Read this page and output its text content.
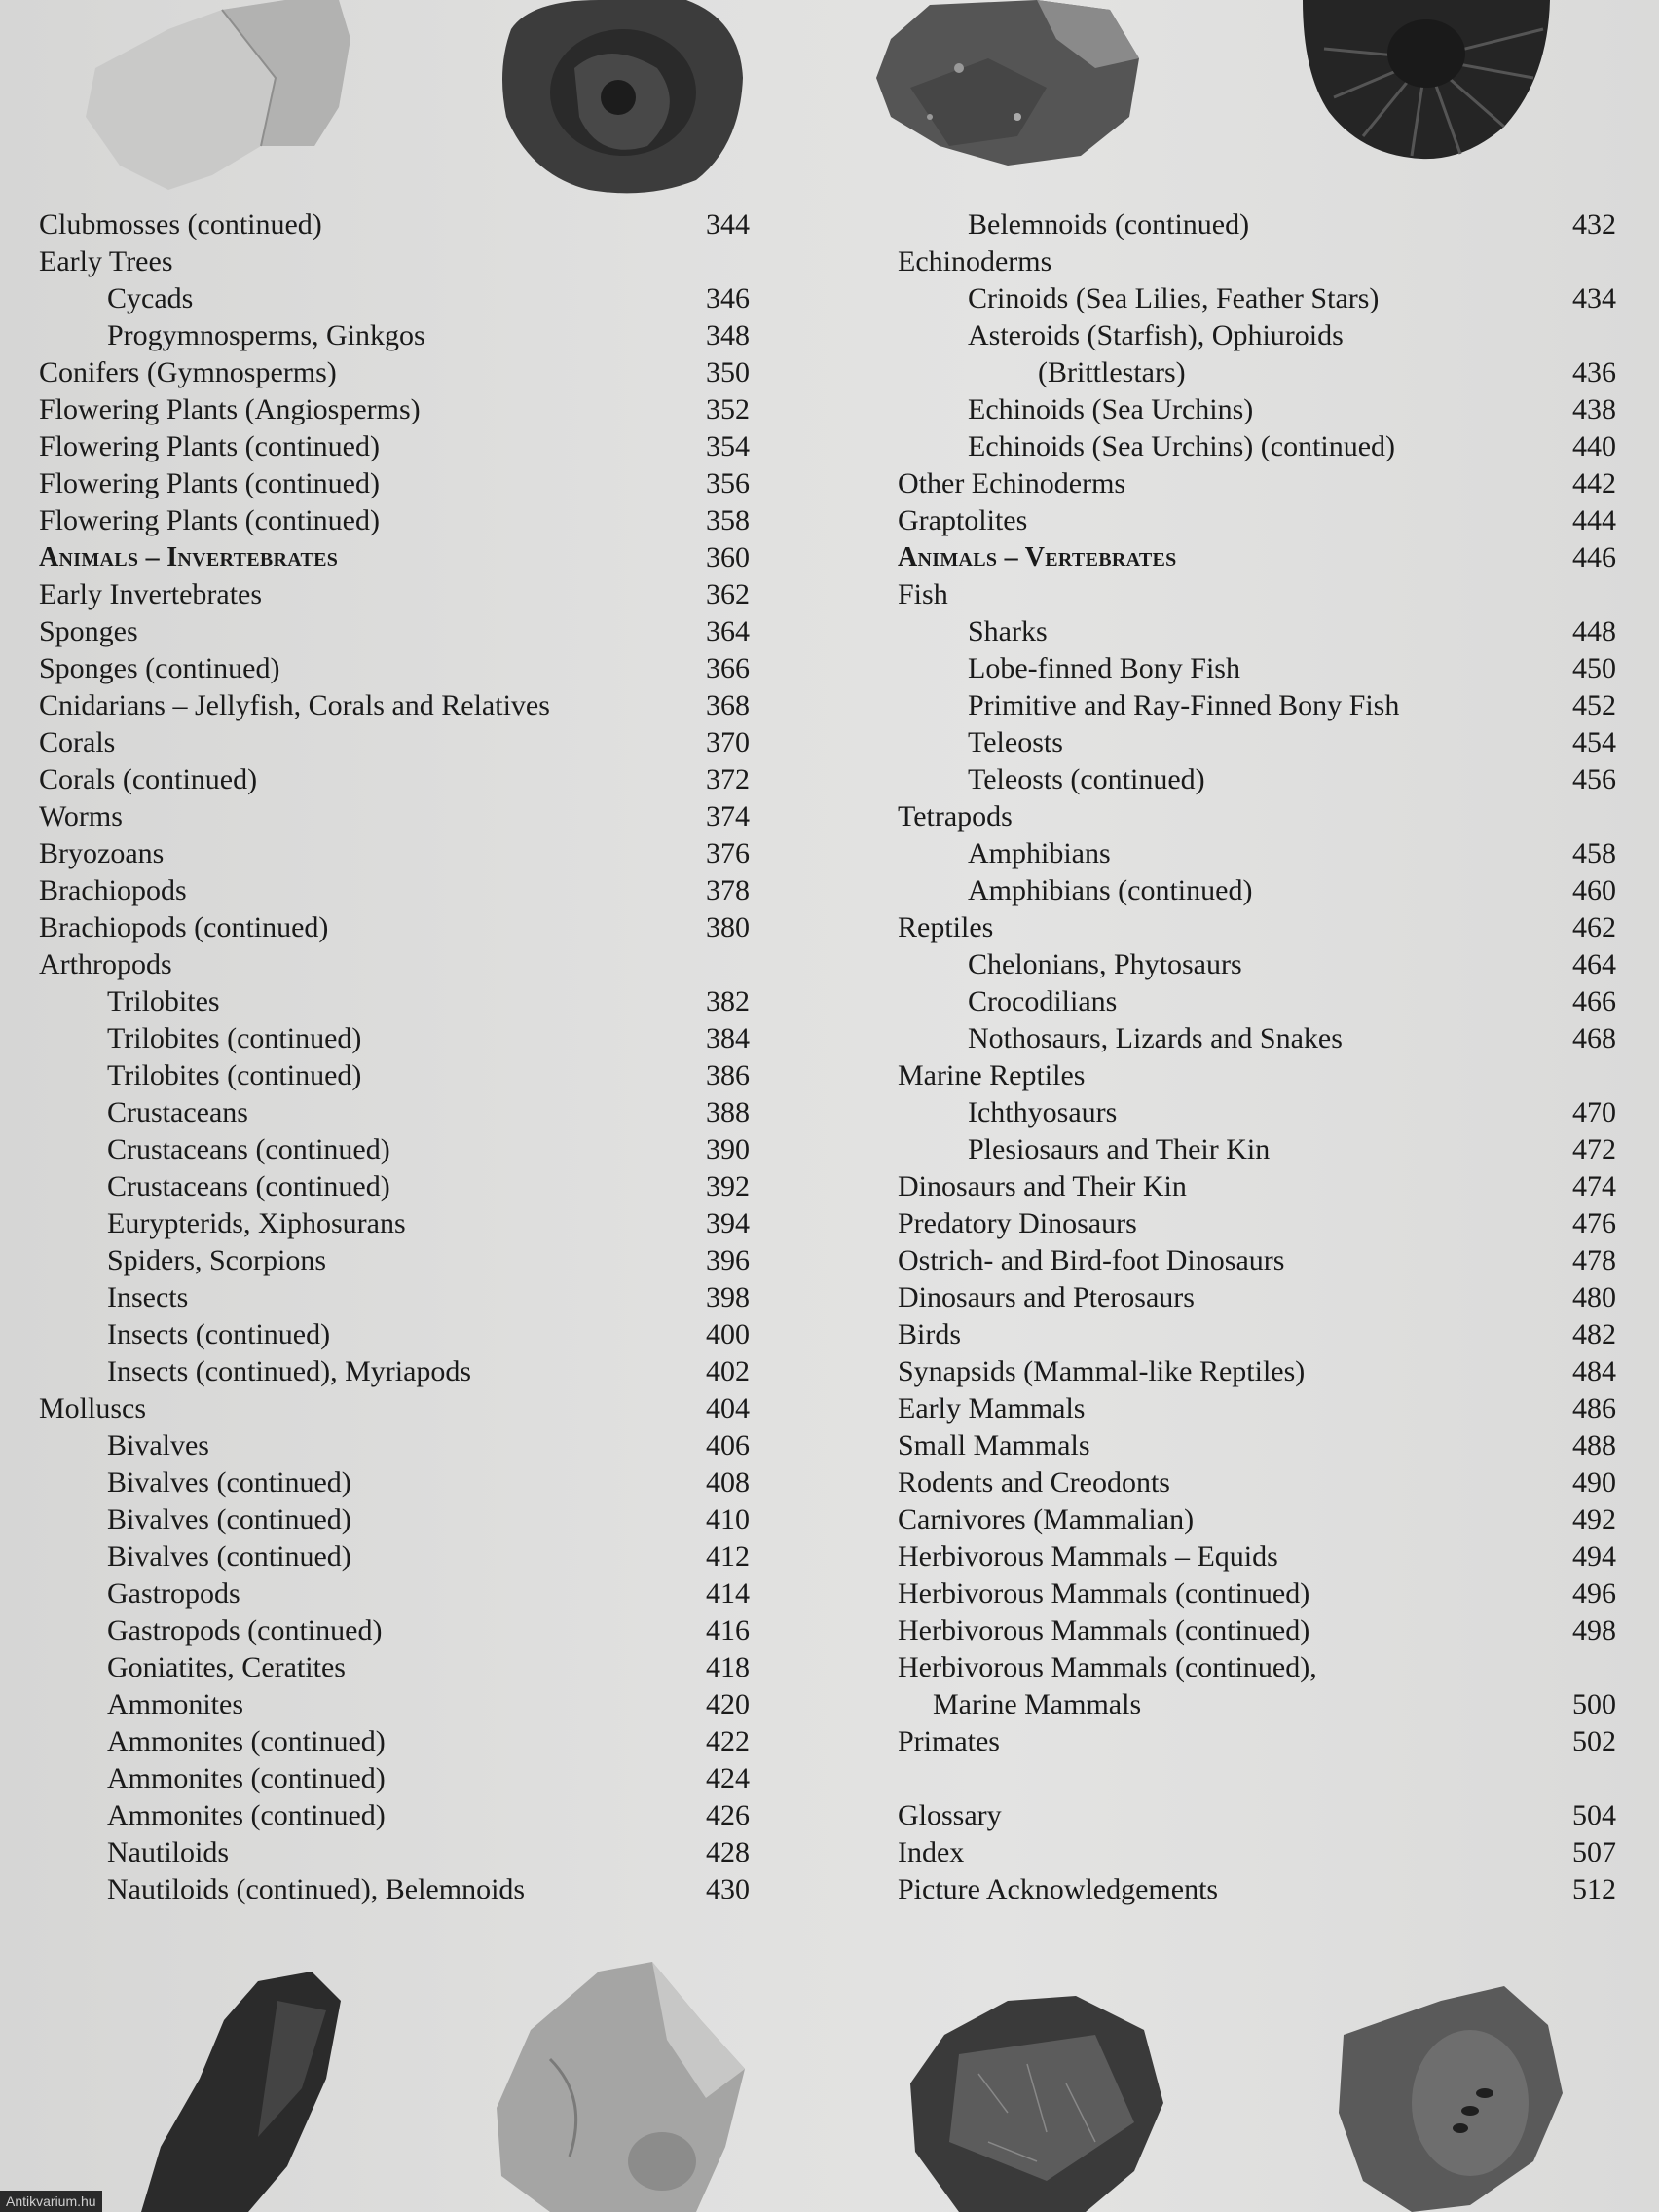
Clubmosses (continued)	344
Early Trees
Cycads	346
Progymnosperms, Ginkgos	348
Conifers (Gymnosperms)	350
Flowering Plants (Angiosperms)	352
Flowering Plants (continued)	354
Flowering Plants (continued)	356
Flowering Plants (continued)	358
Animals – Invertebrates	360
Early Invertebrates	362
Sponges	364
Sponges (continued)	366
Cnidarians – Jellyfish, Corals and Relatives	368
Corals	370
Corals (continued)	372
Worms	374
Bryozoans	376
Brachiopods	378
Brachiopods (continued)	380
Arthropods
Trilobites	382
Trilobites (continued)	384
Trilobites (continued)	386
Crustaceans	388
Crustaceans (continued)	390
Crustaceans (continued)	392
Eurypterids, Xiphosurans	394
Spiders, Scorpions	396
Insects	398
Insects (continued)	400
Insects (continued), Myriapods	402
Molluscs	404
Bivalves	406
Bivalves (continued)	408
Bivalves (continued)	410
Bivalves (continued)	412
Gastropods	414
Gastropods (continued)	416
Goniatites, Ceratites	418
Ammonites	420
Ammonites (continued)	422
Ammonites (continued)	424
Ammonites (continued)	426
Nautiloids	428
Nautiloids (continued), Belemnoids	430
Belemnoids (continued)	432
Echinoderms
Crinoids (Sea Lilies, Feather Stars)	434
Asteroids (Starfish), Ophiuroids
(Brittlestars)	436
Echinoids (Sea Urchins)	438
Echinoids (Sea Urchins) (continued)	440
Other Echinoderms	442
Graptolites	444
Animals – Vertebrates	446
Fish
Sharks	448
Lobe-finned Bony Fish	450
Primitive and Ray-Finned Bony Fish	452
Teleosts	454
Teleosts (continued)	456
Tetrapods
Amphibians	458
Amphibians (continued)	460
Reptiles	462
Chelonians, Phytosaurs	464
Crocodilians	466
Nothosaurs, Lizards and Snakes	468
Marine Reptiles
Ichthyosaurs	470
Plesiosaurs and Their Kin	472
Dinosaurs and Their Kin	474
Predatory Dinosaurs	476
Ostrich- and Bird-foot Dinosaurs	478
Dinosaurs and Pterosaurs	480
Birds	482
Synapsids (Mammal-like Reptiles)	484
Early Mammals	486
Small Mammals	488
Rodents and Creodonts	490
Carnivores (Mammalian)	492
Herbivorous Mammals – Equids	494
Herbivorous Mammals (continued)	496
Herbivorous Mammals (continued)	498
Herbivorous Mammals (continued),
Marine Mammals	500
Primates	502
Glossary	504
Index	507
Picture Acknowledgements	512
Antikvarium.hu
